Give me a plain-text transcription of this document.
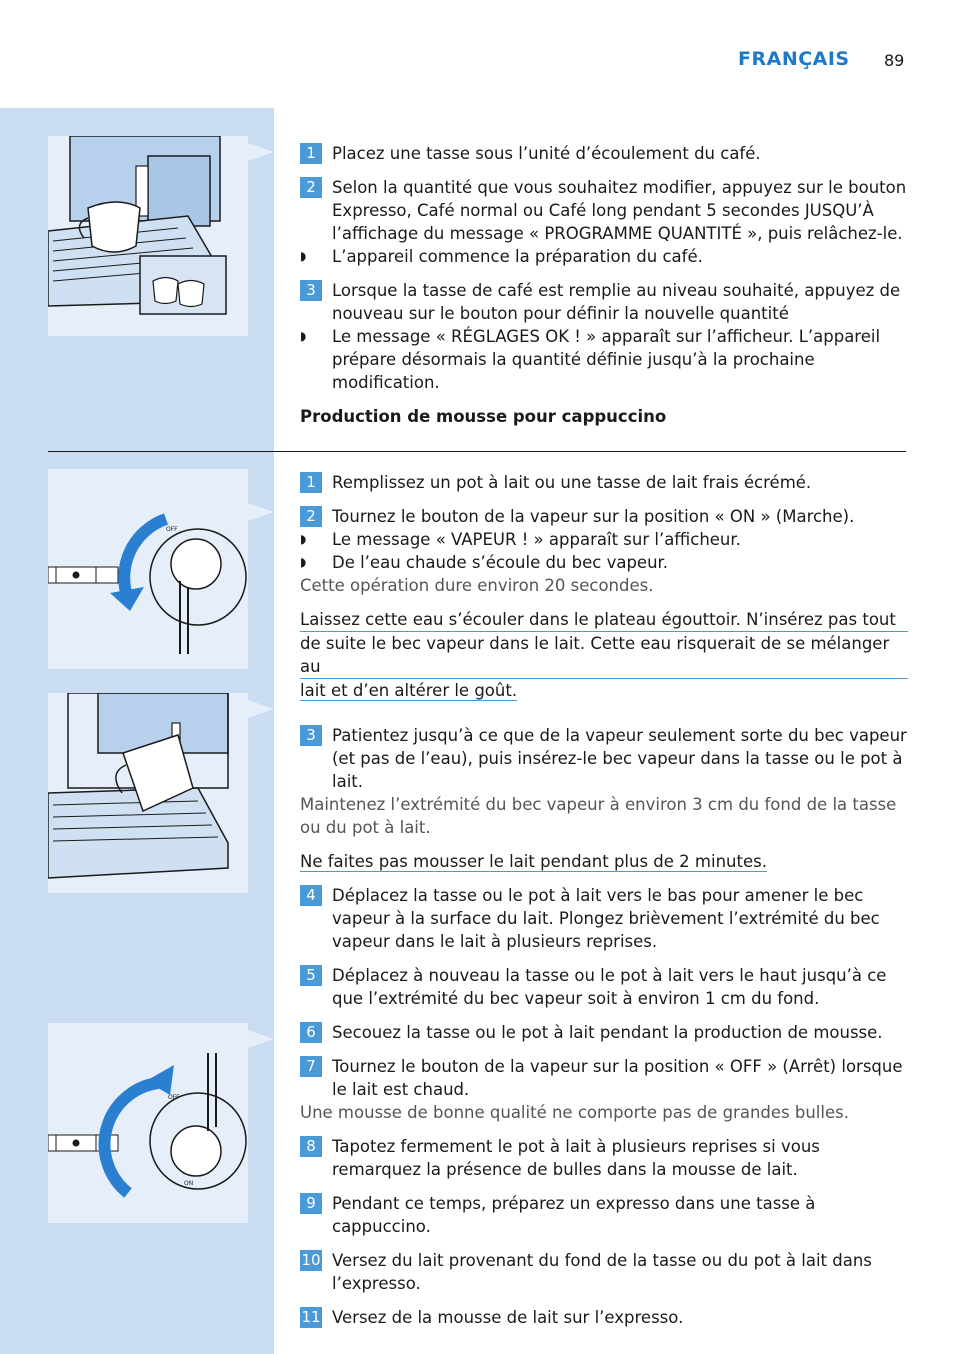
FRANÇAIS 89
OFF
OFF
ON
1 Placez une tasse sous l’unité d’écoulement du café.
2 Selon la quantité que vous souhaitez modifier, appuyez sur le bouton Expresso, Café normal ou Café long pendant 5 secondes JUSQU’À l’affichage du message « PROGRAMME QUANTITÉ », puis relâchez-le.
◗ L’appareil commence la préparation du café.
3 Lorsque la tasse de café est remplie au niveau souhaité, appuyez de nouveau sur le bouton pour définir la nouvelle quantité
◗ Le message « RÉGLAGES OK ! » apparaît sur l’afficheur. L’appareil prépare désormais la quantité définie jusqu’à la prochaine modification.
Production de mousse pour cappuccino
1 Remplissez un pot à lait ou une tasse de lait frais écrémé.
2 Tournez le bouton de la vapeur sur la position « ON » (Marche).
◗ Le message « VAPEUR ! » apparaît sur l’afficheur.
◗ De l’eau chaude s’écoule du bec vapeur.
Cette opération dure environ 20 secondes.
Laissez cette eau s’écouler dans le plateau égouttoir. N’insérez pas tout
de suite le bec vapeur dans le lait. Cette eau risquerait de se mélanger au
lait et d’en altérer le goût.
3 Patientez jusqu’à ce que de la vapeur seulement sorte du bec vapeur (et pas de l’eau), puis insérez-le bec vapeur dans la tasse ou le pot à lait.
Maintenez l’extrémité du bec vapeur à environ 3 cm du fond de la tasse ou du pot à lait.
Ne faites pas mousser le lait pendant plus de 2 minutes.
4 Déplacez la tasse ou le pot à lait vers le bas pour amener le bec vapeur à la surface du lait. Plongez brièvement l’extrémité du bec vapeur dans le lait à plusieurs reprises.
5 Déplacez à nouveau la tasse ou le pot à lait vers le haut jusqu’à ce que l’extrémité du bec vapeur soit à environ 1 cm du fond.
6 Secouez la tasse ou le pot à lait pendant la production de mousse.
7 Tournez le bouton de la vapeur sur la position « OFF » (Arrêt) lorsque le lait est chaud.
Une mousse de bonne qualité ne comporte pas de grandes bulles.
8 Tapotez fermement le pot à lait à plusieurs reprises si vous remarquez la présence de bulles dans la mousse de lait.
9 Pendant ce temps, préparez un expresso dans une tasse à cappuccino.
10 Versez du lait provenant du fond de la tasse ou du pot à lait dans l’expresso.
11 Versez de la mousse de lait sur l’expresso.
